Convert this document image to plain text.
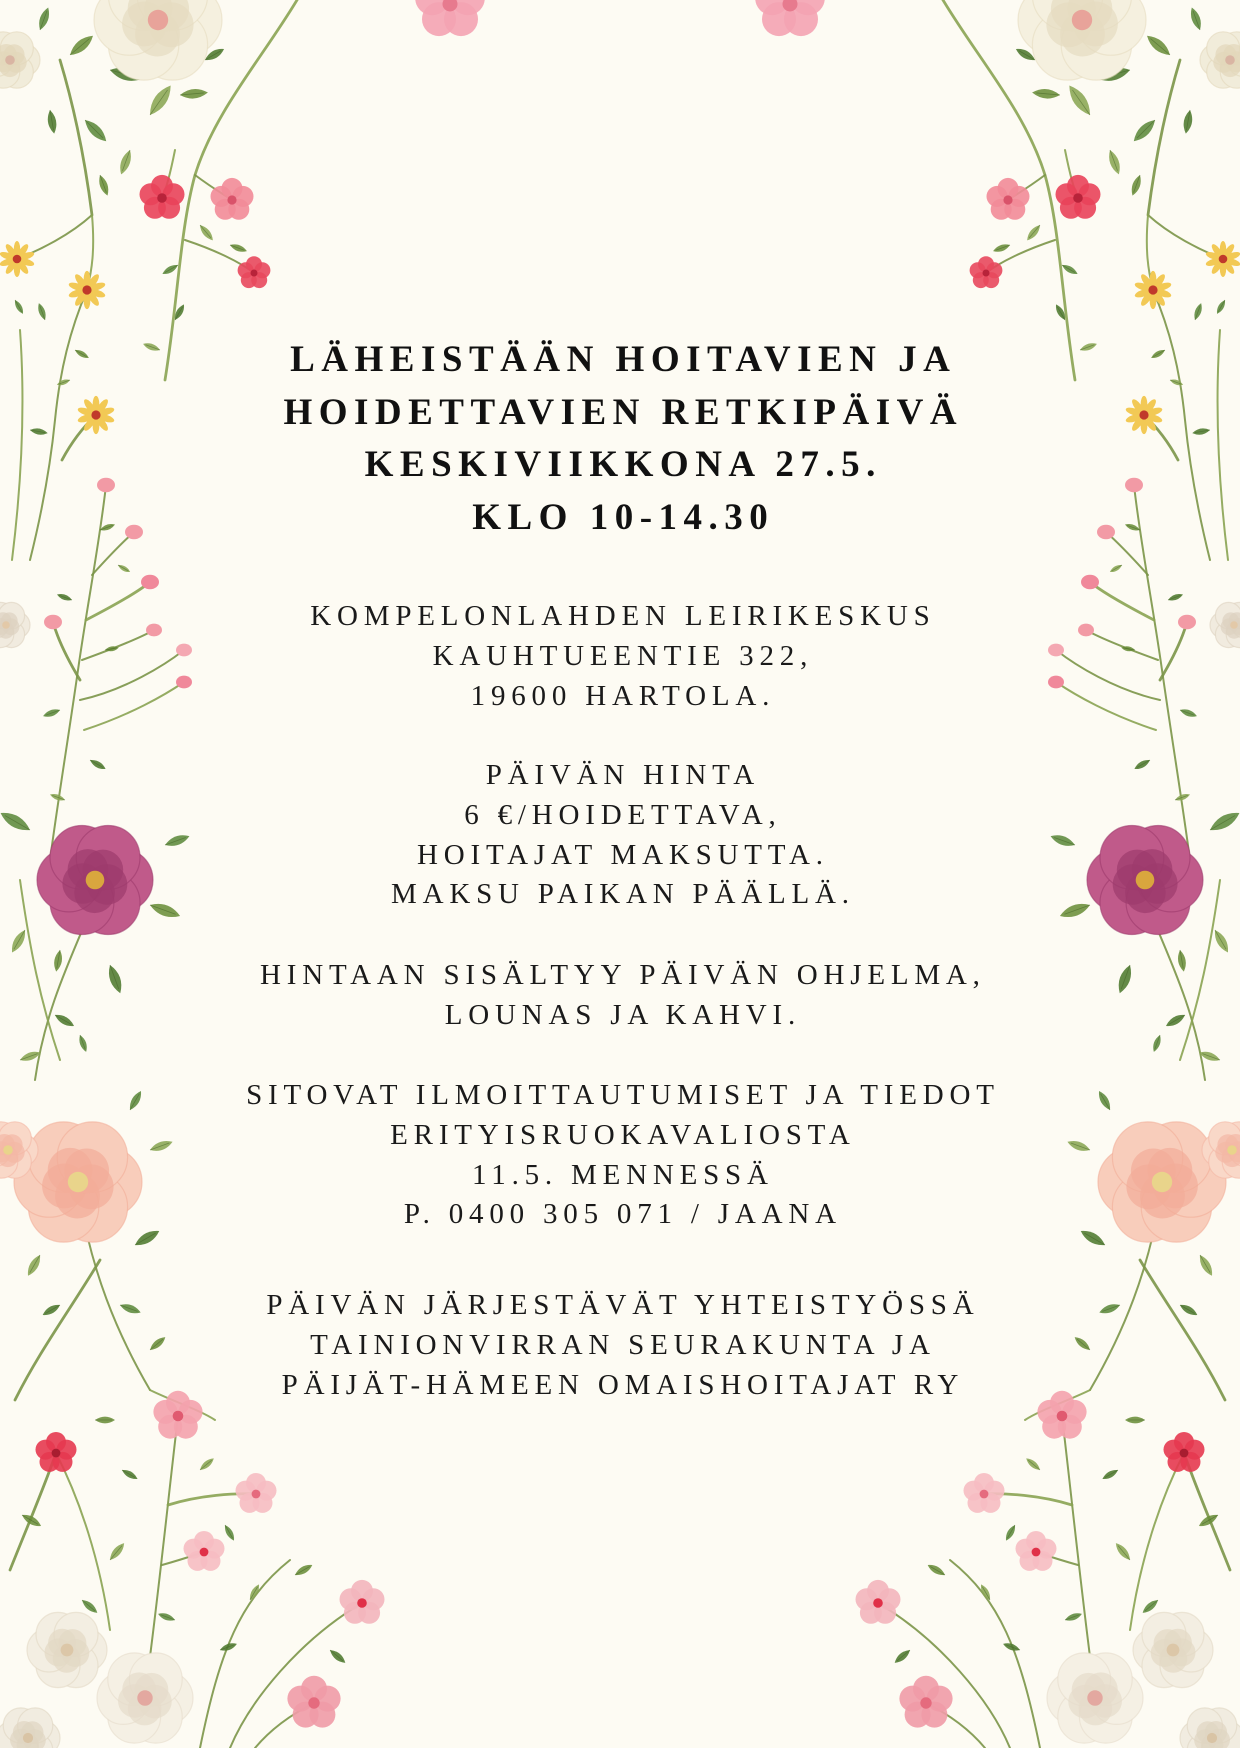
LÄHEISTÄÄN HOITAVIEN JA
HOIDETTAVIEN RETKIPÄIVÄ
KESKIVIIKKONA 27.5.
KLO 10-14.30
KOMPELONLAHDEN LEIRIKESKUS
KAUHTUEENTIE 322,
19600 HARTOLA.
PÄIVÄN HINTA
6 €/HOIDETTAVA,
HOITAJAT MAKSUTTA.
MAKSU PAIKAN PÄÄLLÄ.
HINTAAN SISÄLTYY PÄIVÄN OHJELMA,
LOUNAS JA KAHVI.
SITOVAT ILMOITTAUTUMISET JA TIEDOT
ERITYISRUOKAVALIOSTA
11.5. MENNESSÄ
P. 0400 305 071 / JAANA
PÄIVÄN JÄRJESTÄVÄT YHTEISTYÖSSÄ
TAINIONVIRRAN SEURAKUNTA JA
PÄIJÄT-HÄMEEN OMAISHOITAJAT RY
